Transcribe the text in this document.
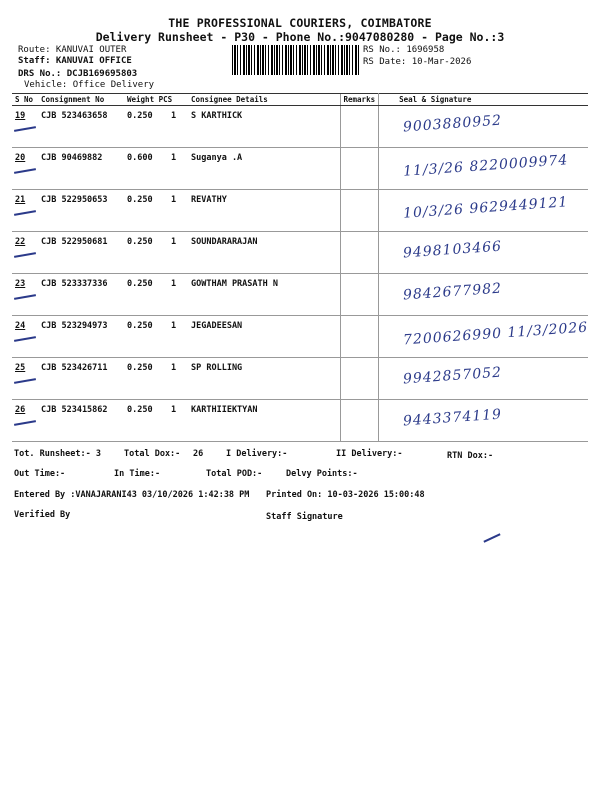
THE PROFESSIONAL COURIERS, COIMBATORE
Delivery Runsheet - P30 - Phone No.:9047080280 - Page No.:3
Route: KANUVAI OUTER
Staff: KANUVAI OFFICE
DRS No.: DCJB169695803
Vehicle: Office Delivery
RS No.: 1696958
RS Date: 10-Mar-2026
S No	Consignment No	Weight PCS	Consignee Details	Remarks	Seal & Signature
19	CJB 523463658	0.250 1	S KARTHICK		9003880952

20	CJB 90469882	0.600 1	Suganya .A		11/3/26 8220009974

21	CJB 522950653	0.250 1	REVATHY		10/3/26 9629449121

22	CJB 522950681	0.250 1	SOUNDARARAJAN		9498103466

23	CJB 523337336	0.250 1	GOWTHAM PRASATH N		9842677982

24	CJB 523294973	0.250 1	JEGADEESAN		7200626990 11/3/2026

25	CJB 523426711	0.250 1	SP ROLLING		9942857052

26	CJB 523415862	0.250 1	KARTHIIEKTYAN		9443374119
Tot. Runsheet:- 3	Total Dox:- 26	I Delivery:-	II Delivery:-	RTN Dox:-
Out Time:-	In Time:-	Total POD:-	Delvy Points:-
Entered By :VANAJARANI43 03/10/2026 1:42:38 PM Printed On: 10-03-2026 15:00:48
Verified By	Staff Signature
